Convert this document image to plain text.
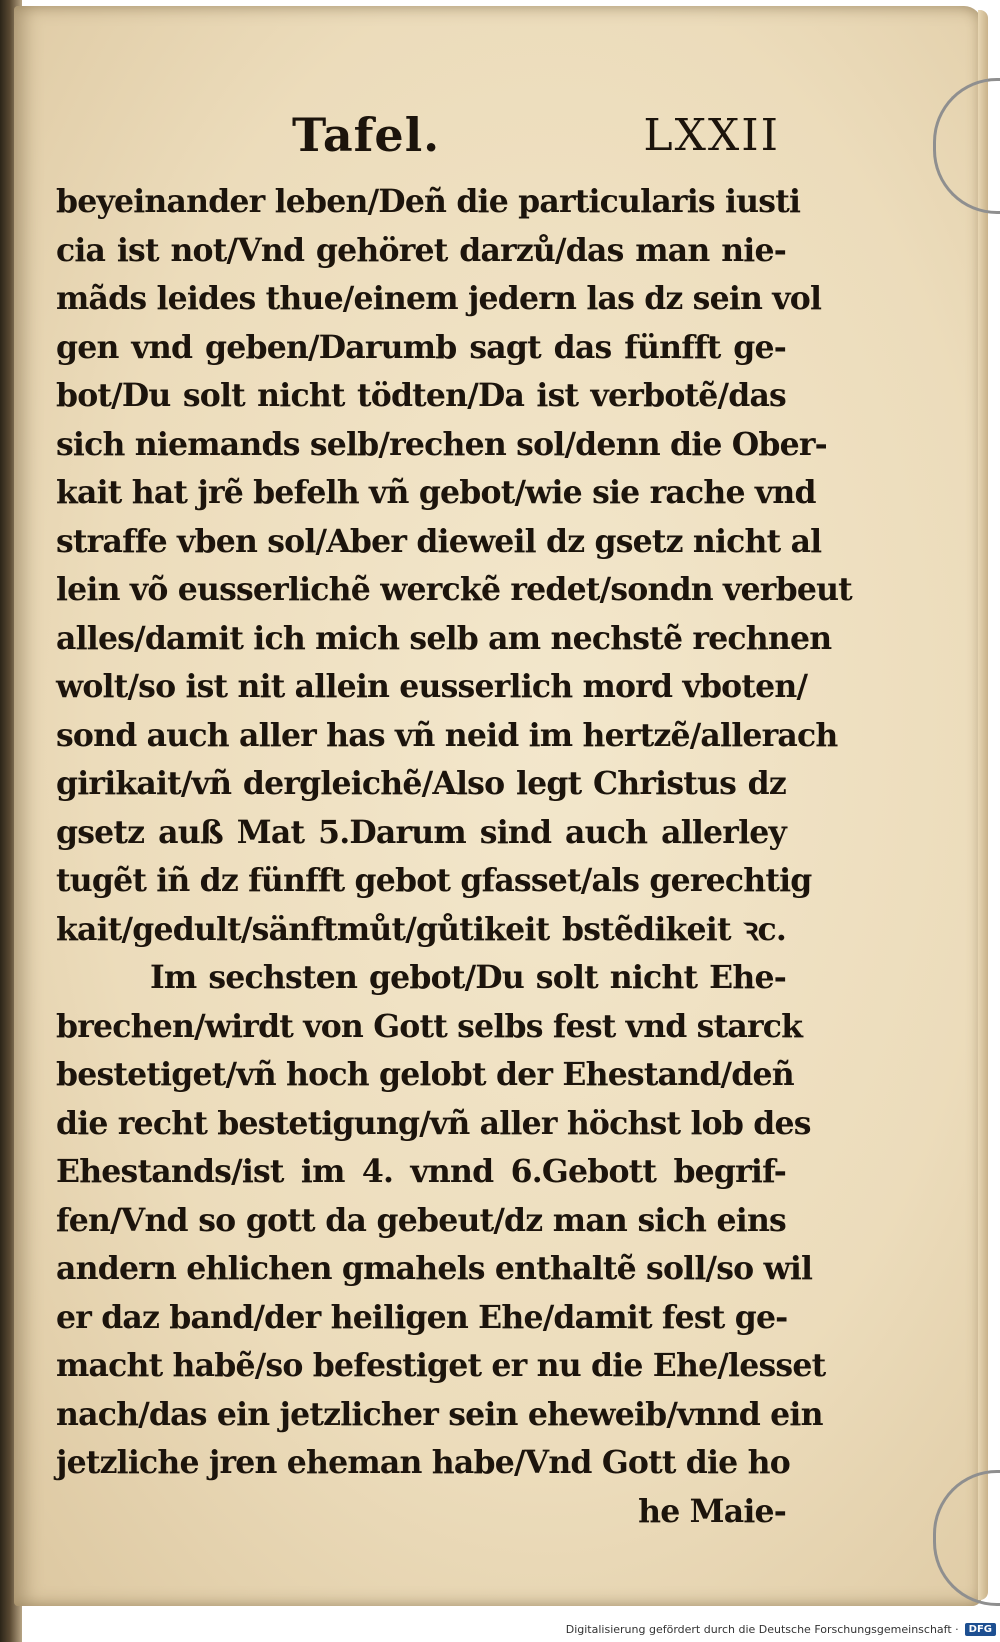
Tafel.	LXXII
beyeinander leben/Deñ die particularis iusti
cia ist not/Vnd gehöret darzů/das man nie-
mãds leides thue/einem jedern las dz sein vol
gen vnd geben/Darumb sagt das fünfft ge-
bot/Du solt nicht tödten/Da ist verbotẽ/das
sich niemands selb/rechen sol/denn die Ober-
kait hat jrẽ befelh vñ gebot/wie sie rache vnd
straffe vben sol/Aber dieweil dz gsetz nicht al
lein võ eusserlichẽ werckẽ redet/sondn verbeut
alles/damit ich mich selb am nechstẽ rechnen
wolt/so ist nit allein eusserlich mord vboten/
sond auch aller has vñ neid im hertzẽ/allerach
girikait/vñ dergleichẽ/Also legt Christus dz
gsetz auß Mat 5.Darum sind auch allerley
tugẽt iñ dz fünfft gebot gfasset/als gerechtig
kait/gedult/sänftmůt/gůtikeit bstẽdikeit ꝛc.
Im sechsten gebot/Du solt nicht Ehe-
brechen/wirdt von Gott selbs fest vnd starck
bestetiget/vñ hoch gelobt der Ehestand/deñ
die recht bestetigung/vñ aller höchst lob des
Ehestands/ist im 4. vnnd 6.Gebott begrif-
fen/Vnd so gott da gebeut/dz man sich eins
andern ehlichen gmahels enthaltẽ soll/so wil
er daz band/der heiligen Ehe/damit fest ge-
macht habẽ/so befestiget er nu die Ehe/lesset
nach/das ein jetzlicher sein eheweib/vnnd ein
jetzliche jren eheman habe/Vnd Gott die ho
he Maie-
Digitalisierung gefördert durch die Deutsche Forschungsgemeinschaft ·	DFG
